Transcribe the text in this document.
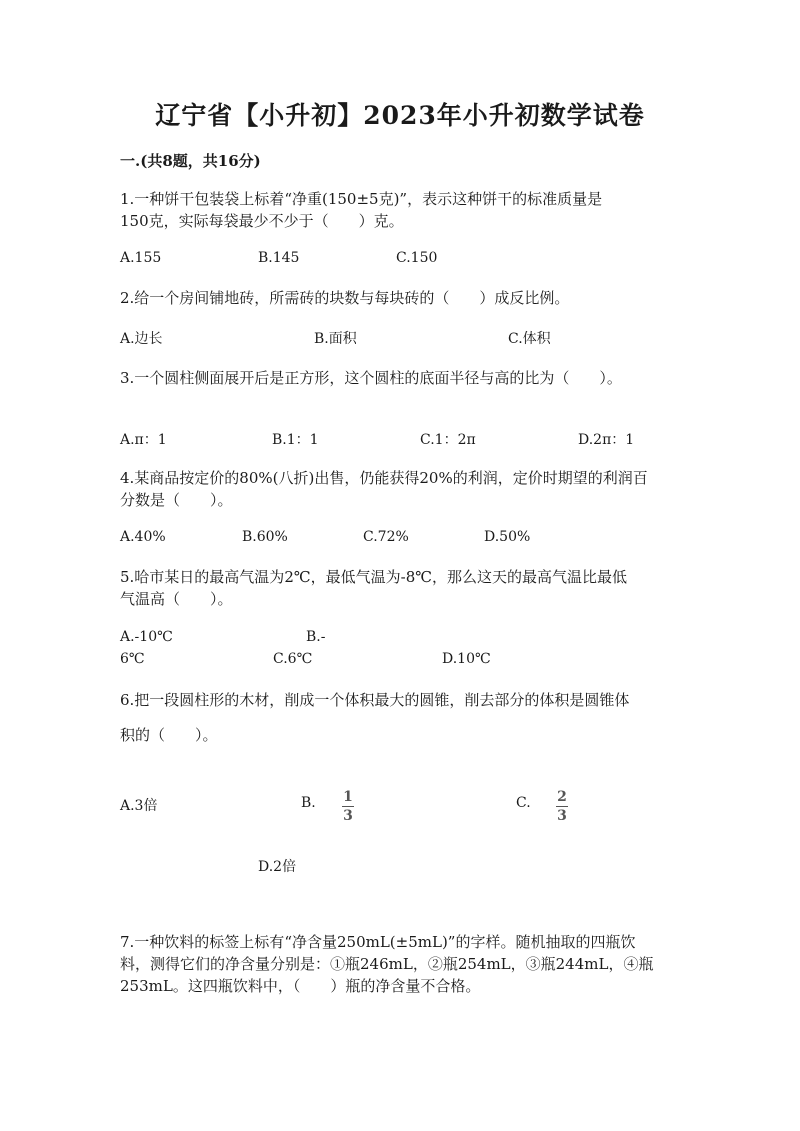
辽宁省【小升初】2023年小升初数学试卷
一.(共8题，共16分)
1.一种饼干包装袋上标着“净重(150±5克)”，表示这种饼干的标准质量是
150克，实际每袋最少不少于（　　）克。
A.155	B.145	C.150
2.给一个房间铺地砖，所需砖的块数与每块砖的（　　）成反比例。
A.边长	B.面积	C.体积
3.一个圆柱侧面展开后是正方形，这个圆柱的底面半径与高的比为（　　）。
A.π：1	B.1：1	C.1：2π	D.2π：1
4.某商品按定价的80%(八折)出售，仍能获得20%的利润，定价时期望的利润百
分数是（　　）。
A.40%	B.60%	C.72%	D.50%
5.哈市某日的最高气温为2℃，最低气温为-8℃，那么这天的最高气温比最低
气温高（　　）。
A.-10℃	B.-
6℃	C.6℃	D.10℃
6.把一段圆柱形的木材，削成一个体积最大的圆锥，削去部分的体积是圆锥体
积的（　　）。
A.3倍	B. 1
3
C. 2
3
D.2倍
7.一种饮料的标签上标有“净含量250mL(±5mL)”的字样。随机抽取的四瓶饮
料，测得它们的净含量分别是：①瓶246mL，②瓶254mL，③瓶244mL，④瓶
253mL。这四瓶饮料中，（　　）瓶的净含量不合格。
